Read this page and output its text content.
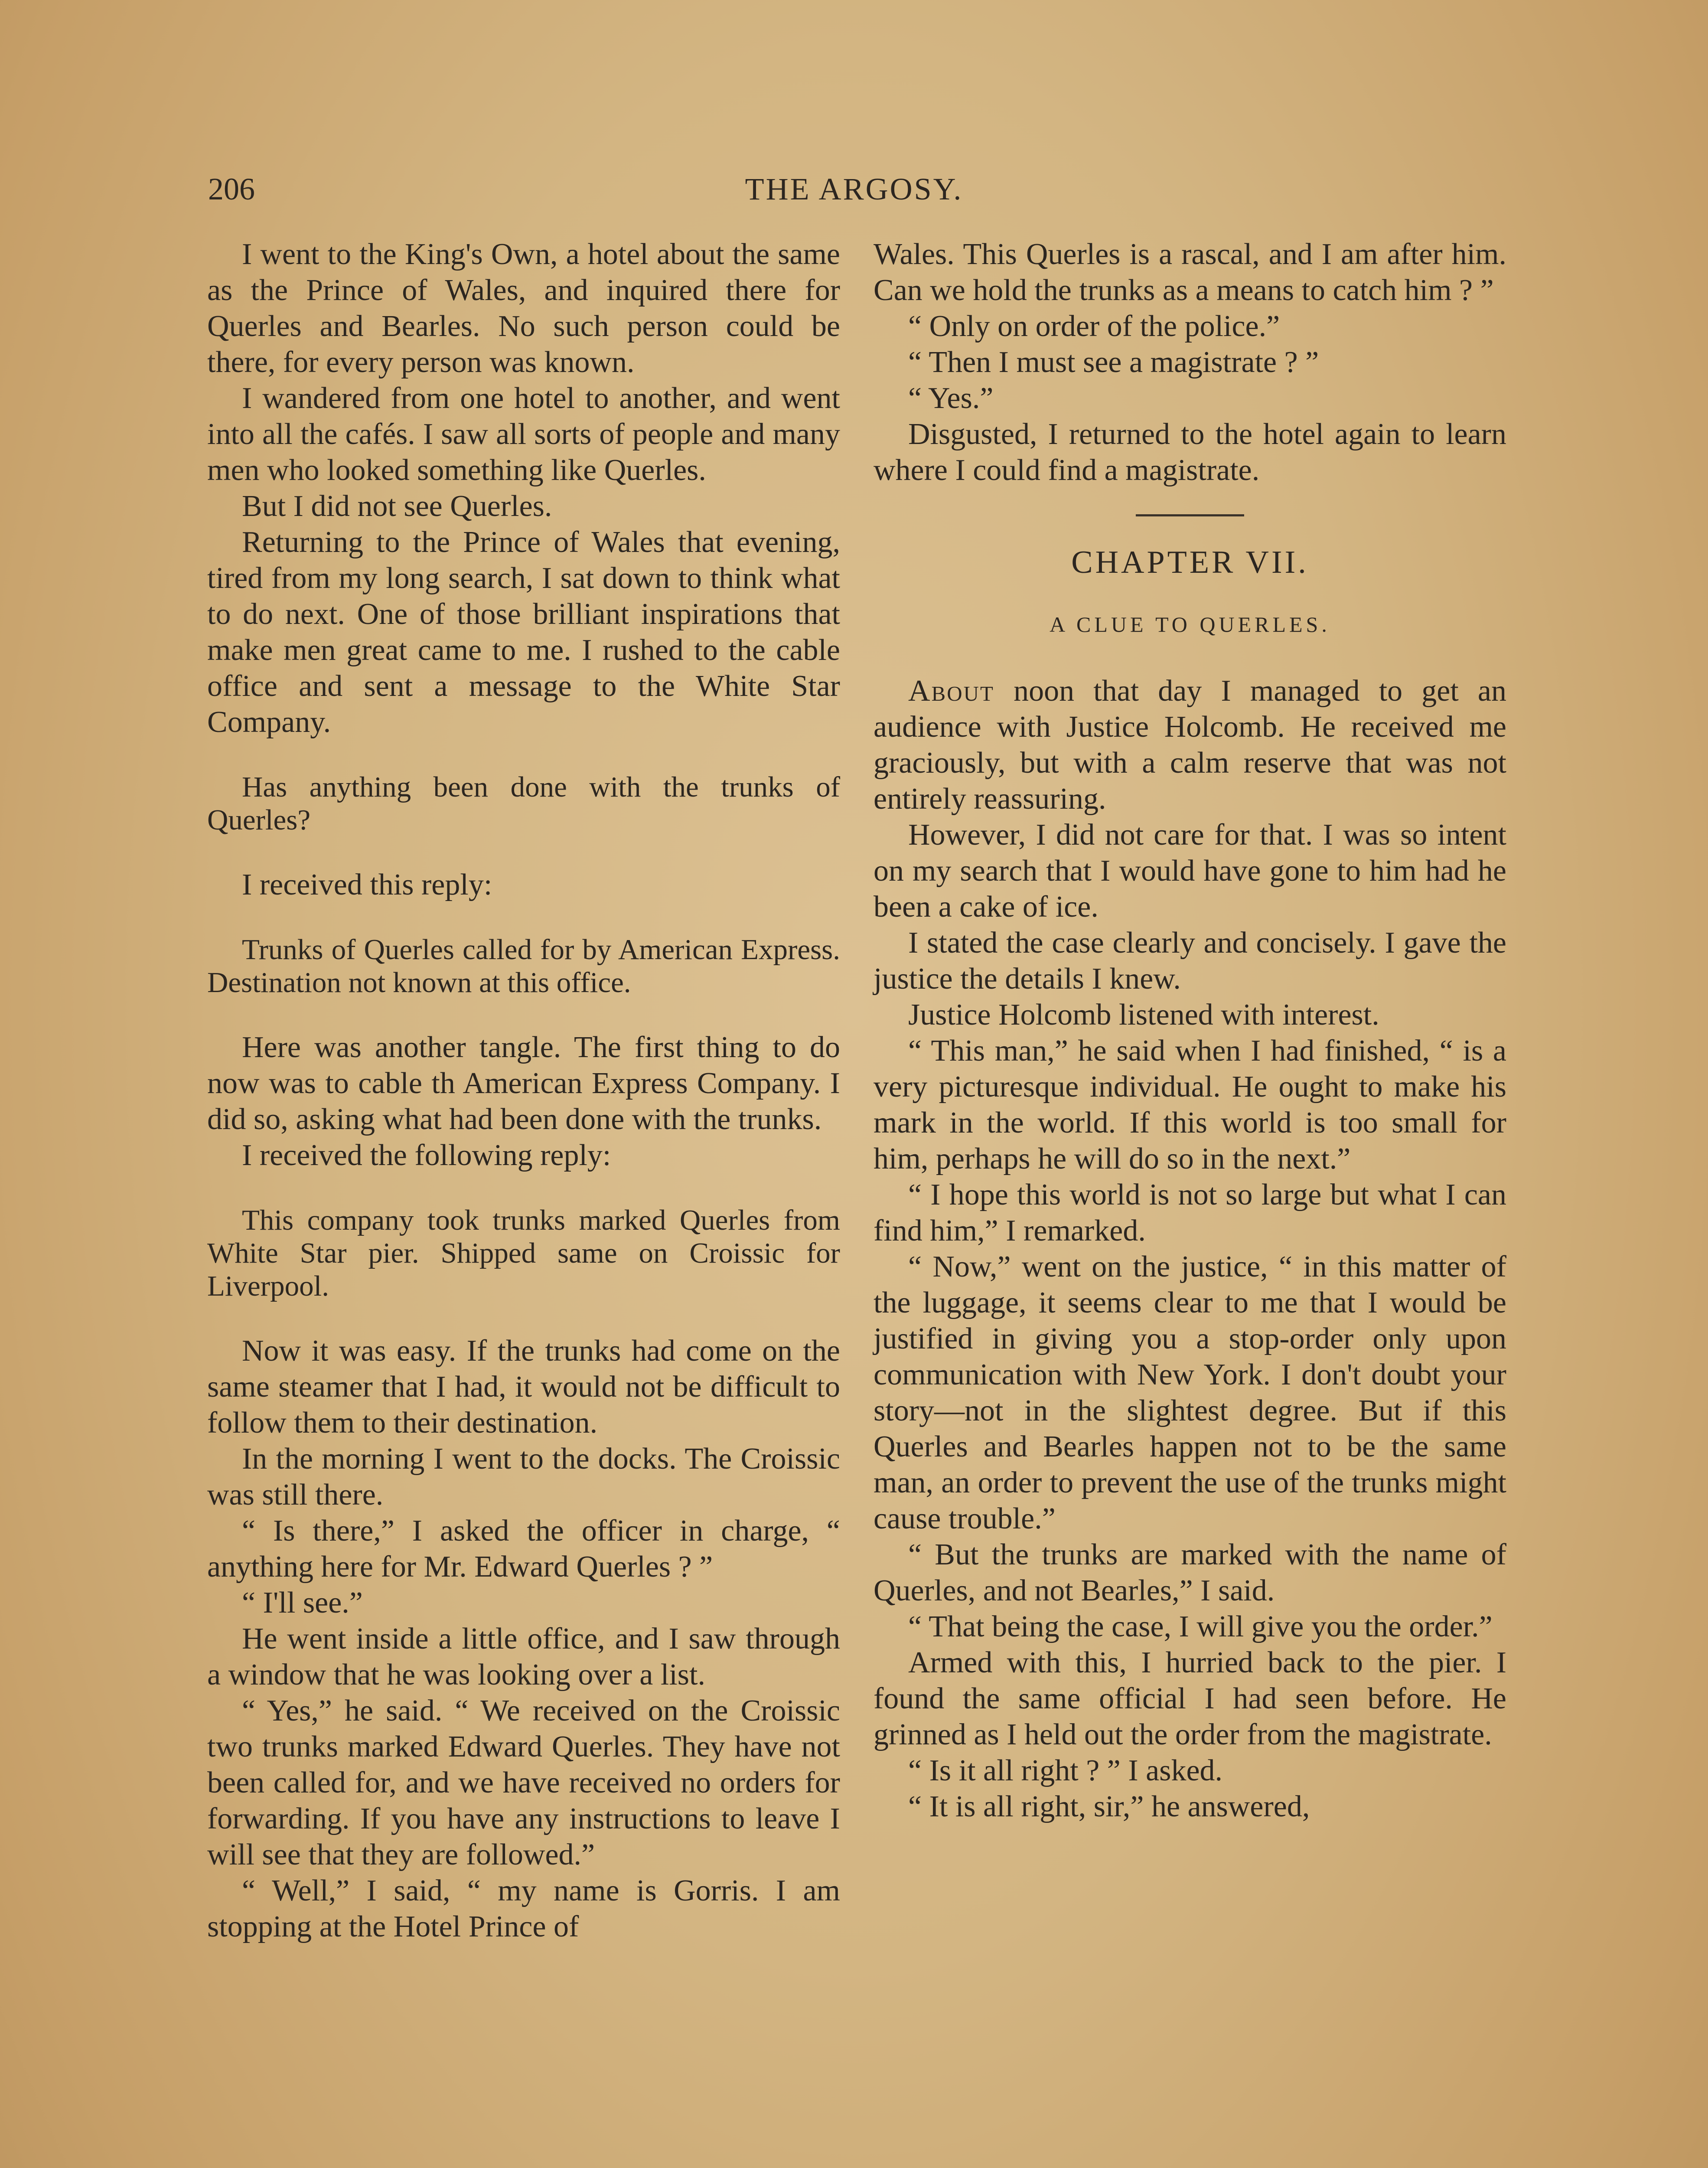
206	THE ARGOSY.

I went to the King's Own, a hotel about the same as the Prince of Wales, and inquired there for Querles and Bearles. No such person could be there, for every person was known.

I wandered from one hotel to another, and went into all the cafés. I saw all sorts of people and many men who looked something like Querles.

But I did not see Querles.

Returning to the Prince of Wales that evening, tired from my long search, I sat down to think what to do next. One of those brilliant inspirations that make men great came to me. I rushed to the cable office and sent a message to the White Star Company.

Has anything been done with the trunks of Querles?

I received this reply:

Trunks of Querles called for by American Express. Destination not known at this office.

Here was another tangle. The first thing to do now was to cable th American Express Company. I did so, asking what had been done with the trunks.

I received the following reply:

This company took trunks marked Querles from White Star pier. Shipped same on Croissic for Liverpool.

Now it was easy. If the trunks had come on the same steamer that I had, it would not be difficult to follow them to their destination.

In the morning I went to the docks. The Croissic was still there.

“ Is there,” I asked the officer in charge, “ anything here for Mr. Edward Querles ? ”

“ I'll see.”

He went inside a little office, and I saw through a window that he was looking over a list.

“ Yes,” he said. “ We received on the Croissic two trunks marked Edward Querles. They have not been called for, and we have received no orders for forwarding. If you have any instructions to leave I will see that they are followed.”

“ Well,” I said, “ my name is Gorris. I am stopping at the Hotel Prince of

Wales. This Querles is a rascal, and I am after him. Can we hold the trunks as a means to catch him ? ”

“ Only on order of the police.”

“ Then I must see a magistrate ? ”

“ Yes.”

Disgusted, I returned to the hotel again to learn where I could find a magistrate.

CHAPTER VII.
A CLUE TO QUERLES.

About noon that day I managed to get an audience with Justice Holcomb. He received me graciously, but with a calm reserve that was not entirely reassuring.

However, I did not care for that. I was so intent on my search that I would have gone to him had he been a cake of ice.

I stated the case clearly and concisely. I gave the justice the details I knew.

Justice Holcomb listened with interest.

“ This man,” he said when I had finished, “ is a very picturesque individual. He ought to make his mark in the world. If this world is too small for him, perhaps he will do so in the next.”

“ I hope this world is not so large but what I can find him,” I remarked.

“ Now,” went on the justice, “ in this matter of the luggage, it seems clear to me that I would be justified in giving you a stop-order only upon communication with New York. I don't doubt your story—not in the slightest degree. But if this Querles and Bearles happen not to be the same man, an order to prevent the use of the trunks might cause trouble.”

“ But the trunks are marked with the name of Querles, and not Bearles,” I said.

“ That being the case, I will give you the order.”

Armed with this, I hurried back to the pier. I found the same official I had seen before. He grinned as I held out the order from the magistrate.

“ Is it all right ? ” I asked.

“ It is all right, sir,” he answered,
